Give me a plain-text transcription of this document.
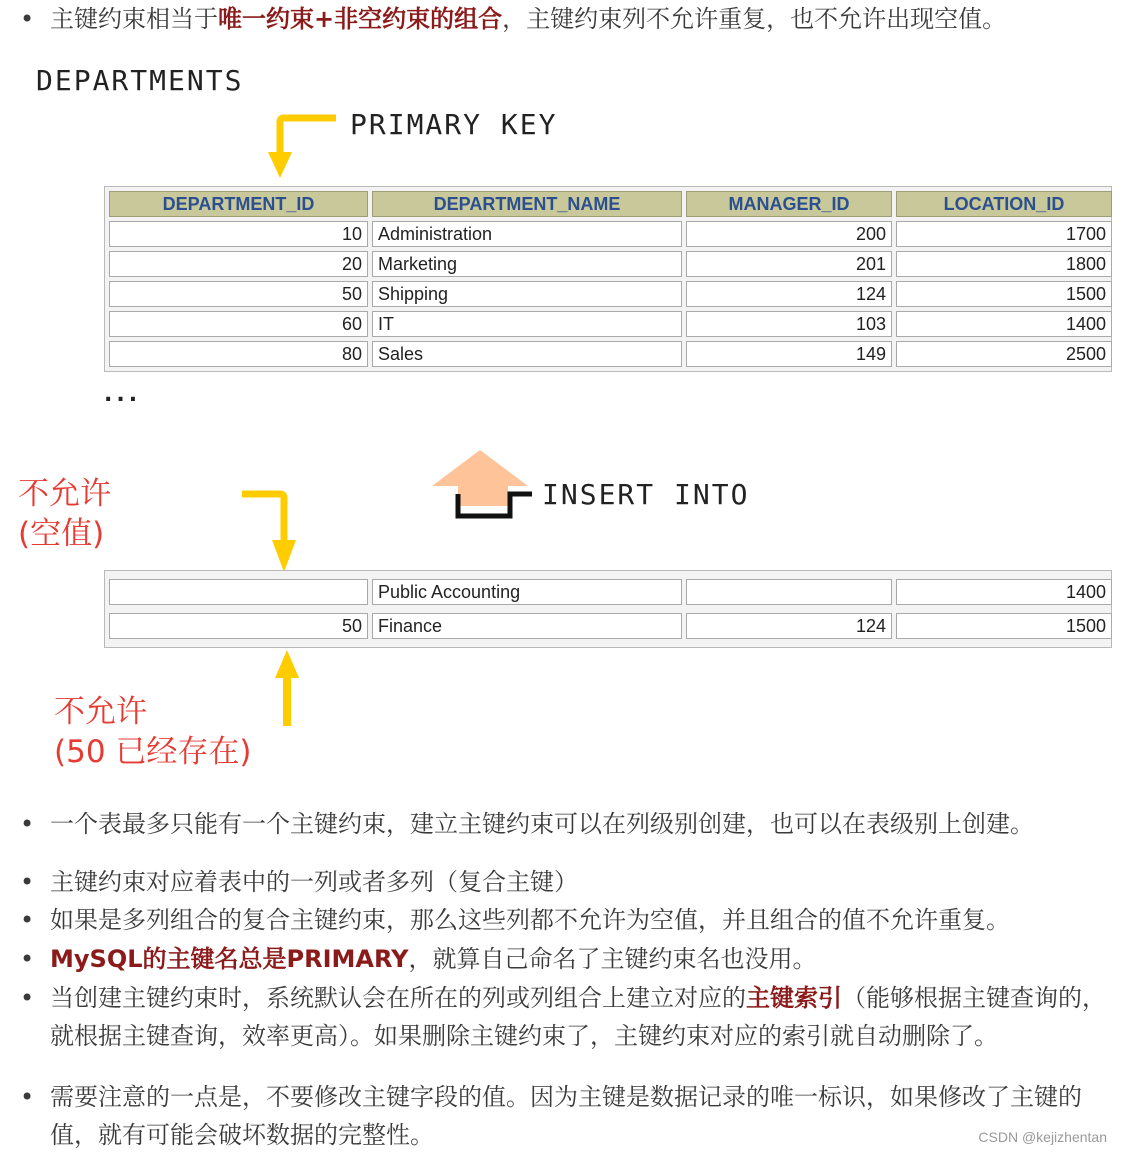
• 主键约束相当于唯一约束+非空约束的组合，主键约束列不允许重复，也不允许出现空值。
DEPARTMENTS
PRIMARY KEY
DEPARTMENT_ID	DEPARTMENT_NAME	MANAGER_ID	LOCATION_ID
10	Administration	200	1700
20	Marketing	201	1800
50	Shipping	124	1500
60	IT	103	1400
80	Sales	149	2500
...
不允许
(空值)
INSERT INTO
	Public Accounting		1400
50	Finance	124	1500
不允许
(50 已经存在)
• 一个表最多只能有一个主键约束，建立主键约束可以在列级别创建，也可以在表级别上创建。
• 主键约束对应着表中的一列或者多列（复合主键）
• 如果是多列组合的复合主键约束，那么这些列都不允许为空值，并且组合的值不允许重复。
• MySQL的主键名总是PRIMARY，就算自己命名了主键约束名也没用。
• 当创建主键约束时，系统默认会在所在的列或列组合上建立对应的主键索引（能够根据主键查询的，就根据主键查询，效率更高）。如果删除主键约束了，主键约束对应的索引就自动删除了。
• 需要注意的一点是，不要修改主键字段的值。因为主键是数据记录的唯一标识，如果修改了主键的值，就有可能会破坏数据的完整性。	CSDN @kejizhentan
